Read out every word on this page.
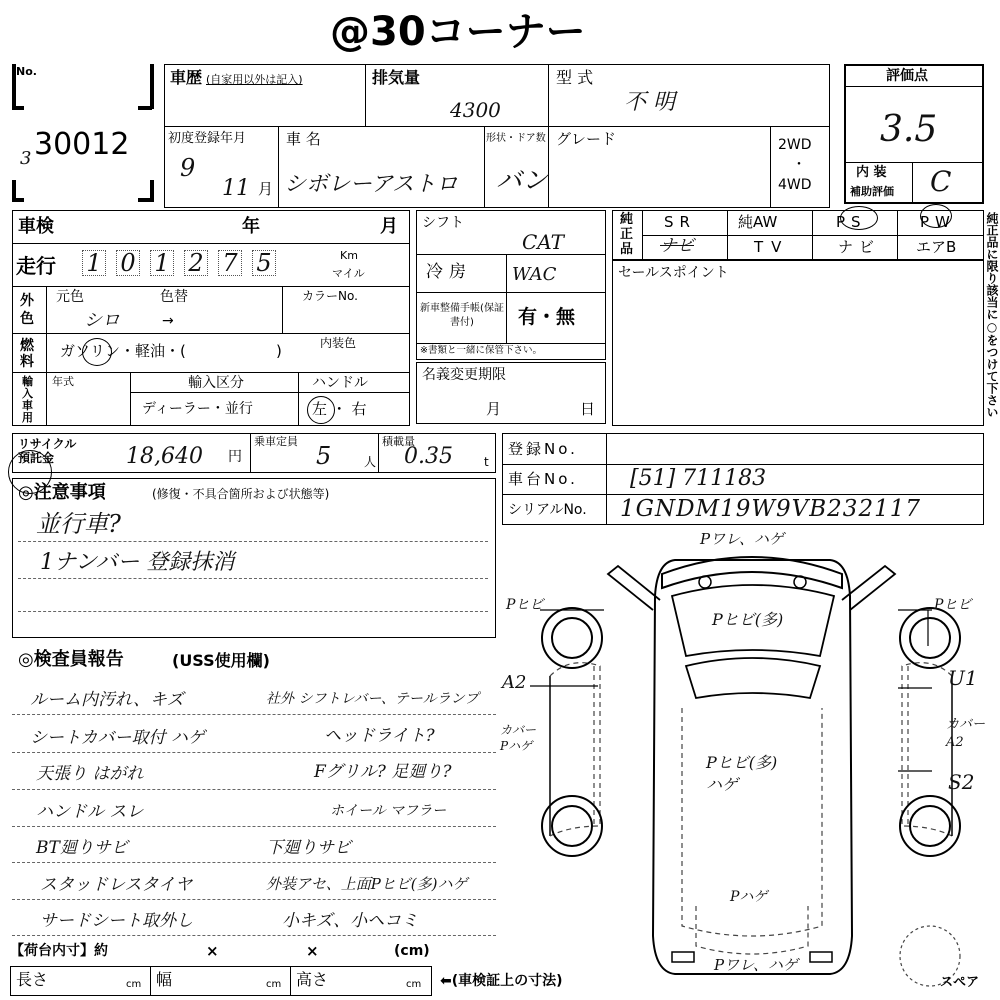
@30コーナー
No.
3 30012
車歴 (自家用以外は記入)	排気量
4300
型 式
不 明
初度登録年月
9
11 月
車 名
シボレーアストロ
形状・ドア数
バン
グレード	2WD
・
4WD
評価点
3.5
内 装
補助評価 C
車検	年	月
走行 1 0 1 2 7 5	Km
マイル
外色
元色	色替
シロ	→
カラーNo.
燃料
ガソリン・軽油・(	)	内装色
輸入車用
年式	輸入区分
ディーラー・並行
ハンドル
左 ・ 右
シフト
CAT
冷房 WAC
新車整備手帳(保証書付)	有・無
※書類と一緒に保管下さい。
名義変更期限
月	日
純正品
SR	純AW	PS	PW
ナビ	TV	ナビ エアB 純正品に限り該当に○をつけて下さい
セールスポイント
リサイクル預託金	18,640 円
乗車定員
5	人
積載量
0.35	t
登録No.
車台No. [51] 711183
シリアルNo. 1GNDM19W9VB232117
◎注意事項	(修復・不具合箇所および状態等)
並行車?
1ナンバー 登録抹消
◎検査員報告	(USS使用欄)
ルーム内汚れ、キズ
シートカバー取付 ハゲ
天張り はがれ
ハンドル スレ
BT廻りサビ
スタッドレスタイヤ
サードシート取外し
社外 シフトレバー、テールランプ
ヘッドライト?
Fグリル? 足廻り?
ホイール マフラー
下廻りサビ
外装アセ、上面Pヒビ(多)ハゲ
小キズ、小ヘコミ
【荷台内寸】約	×	×	(cm)
長さ	cm 幅	cm 高さ	cm ⬅(車検証上の寸法)
Pワレ、ハゲ
Pヒビ(多)
Pヒビ(多) ハゲ
Pハゲ
Pワレ、ハゲ
Pヒビ
A2
カバー Pハゲ
Pヒビ
U1
カバー A2
S2
スペア
